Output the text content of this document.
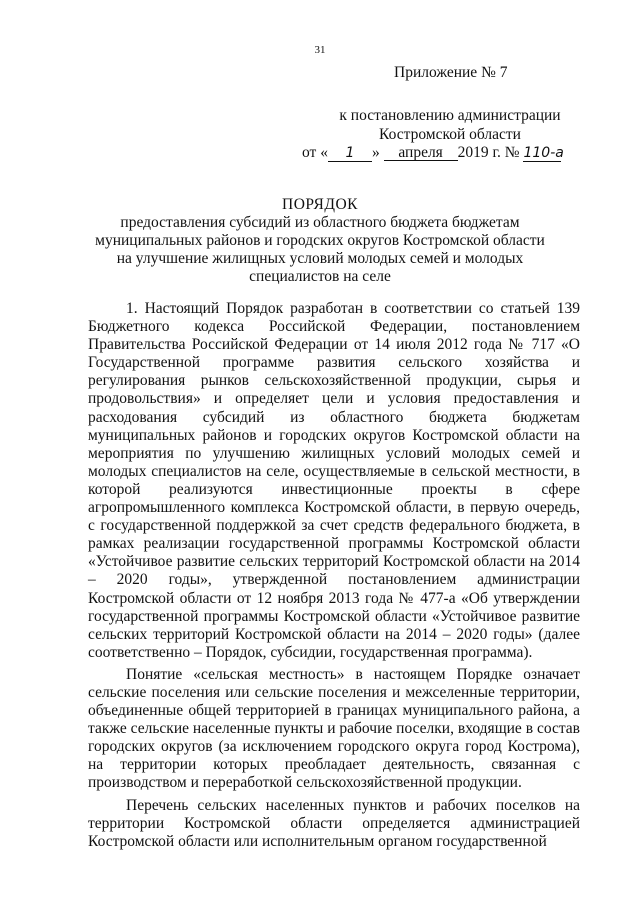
31
Приложение № 7
к постановлению администрации
Костромской области
от « 1 » апреля 2019 г. № 110-а
ПОРЯДОК
предоставления субсидий из областного бюджета бюджетам
муниципальных районов и городских округов Костромской области
на улучшение жилищных условий молодых семей и молодых
специалистов на селе

1. Настоящий Порядок разработан в соответствии со статьей 139 Бюджетного кодекса Российской Федерации, постановлением Правительства Российской Федерации от 14 июля 2012 года № 717 «О Государственной программе развития сельского хозяйства и регулирования рынков сельскохозяйственной продукции, сырья и продовольствия» и определяет цели и условия предоставления и расходования субсидий из областного бюджета бюджетам муниципальных районов и городских округов Костромской области на мероприятия по улучшению жилищных условий молодых семей и молодых специалистов на селе, осуществляемые в сельской местности, в которой реализуются инвестиционные проекты в сфере агропромышленного комплекса Костромской области, в первую очередь, с государственной поддержкой за счет средств федерального бюджета, в рамках реализации государственной программы Костромской области «Устойчивое развитие сельских территорий Костромской области на 2014 – 2020 годы», утвержденной постановлением администрации Костромской области от 12 ноября 2013 года № 477-а «Об утверждении государственной программы Костромской области «Устойчивое развитие сельских территорий Костромской области на 2014 – 2020 годы» (далее соответственно – Порядок, субсидии, государственная программа).

Понятие «сельская местность» в настоящем Порядке означает сельские поселения или сельские поселения и межселенные территории, объединенные общей территорией в границах муниципального района, а также сельские населенные пункты и рабочие поселки, входящие в состав городских округов (за исключением городского округа город Кострома), на территории которых преобладает деятельность, связанная с производством и переработкой сельскохозяйственной продукции.

Перечень сельских населенных пунктов и рабочих поселков на территории Костромской области определяется администрацией Костромской области или исполнительным органом государственной
